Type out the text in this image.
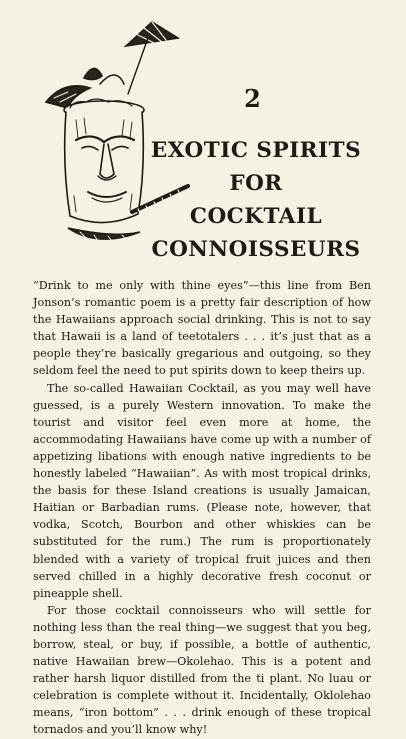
2
EXOTIC SPIRITS
FOR
COCKTAIL
CONNOISSEURS

“Drink to me only with thine eyes”—this line from Ben Jonson’s romantic poem is a pretty fair description of how the Hawaiians approach social drinking. This is not to say that Hawaii is a land of teetotalers . . . it’s just that as a people they’re basically gregarious and outgoing, so they seldom feel the need to put spirits down to keep theirs up.

The so-called Hawaiian Cocktail, as you may well have guessed, is a purely Western innovation. To make the tourist and visitor feel even more at home, the accommodating Hawaiians have come up with a number of appetizing libations with enough native ingredients to be honestly labeled “Hawaiian”. As with most tropical drinks, the basis for these Island creations is usually Jamaican, Haitian or Barbadian rums. (Please note, however, that vodka, Scotch, Bourbon and other whiskies can be substituted for the rum.) The rum is proportionately blended with a variety of tropical fruit juices and then served chilled in a highly decorative fresh coconut or pineapple shell.

For those cocktail connoisseurs who will settle for nothing less than the real thing—we suggest that you beg, borrow, steal, or buy, if possible, a bottle of authentic, native Hawaiian brew—Okolehao. This is a potent and rather harsh liquor distilled from the ti plant. No luau or celebration is complete without it. Incidentally, Oklolehao means, “iron bottom” . . . drink enough of these tropical tornados and you’ll know why!
